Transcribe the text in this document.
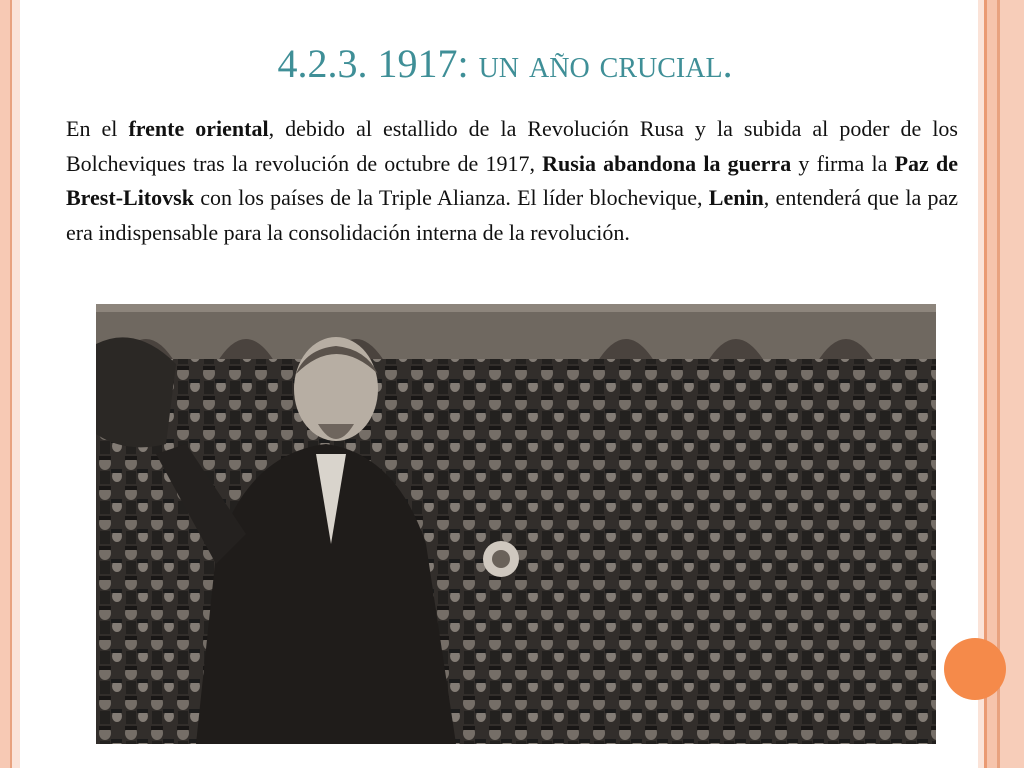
4.2.3. 1917: un año crucial.

En el frente oriental, debido al estallido de la Revolución Rusa y la subida al poder de los Bolcheviques tras la revolución de octubre de 1917, Rusia abandona la guerra y firma la Paz de Brest-Litovsk con los países de la Triple Alianza. El líder blochevique, Lenin, entenderá que la paz era indispensable para la consolidación interna de la revolución.
